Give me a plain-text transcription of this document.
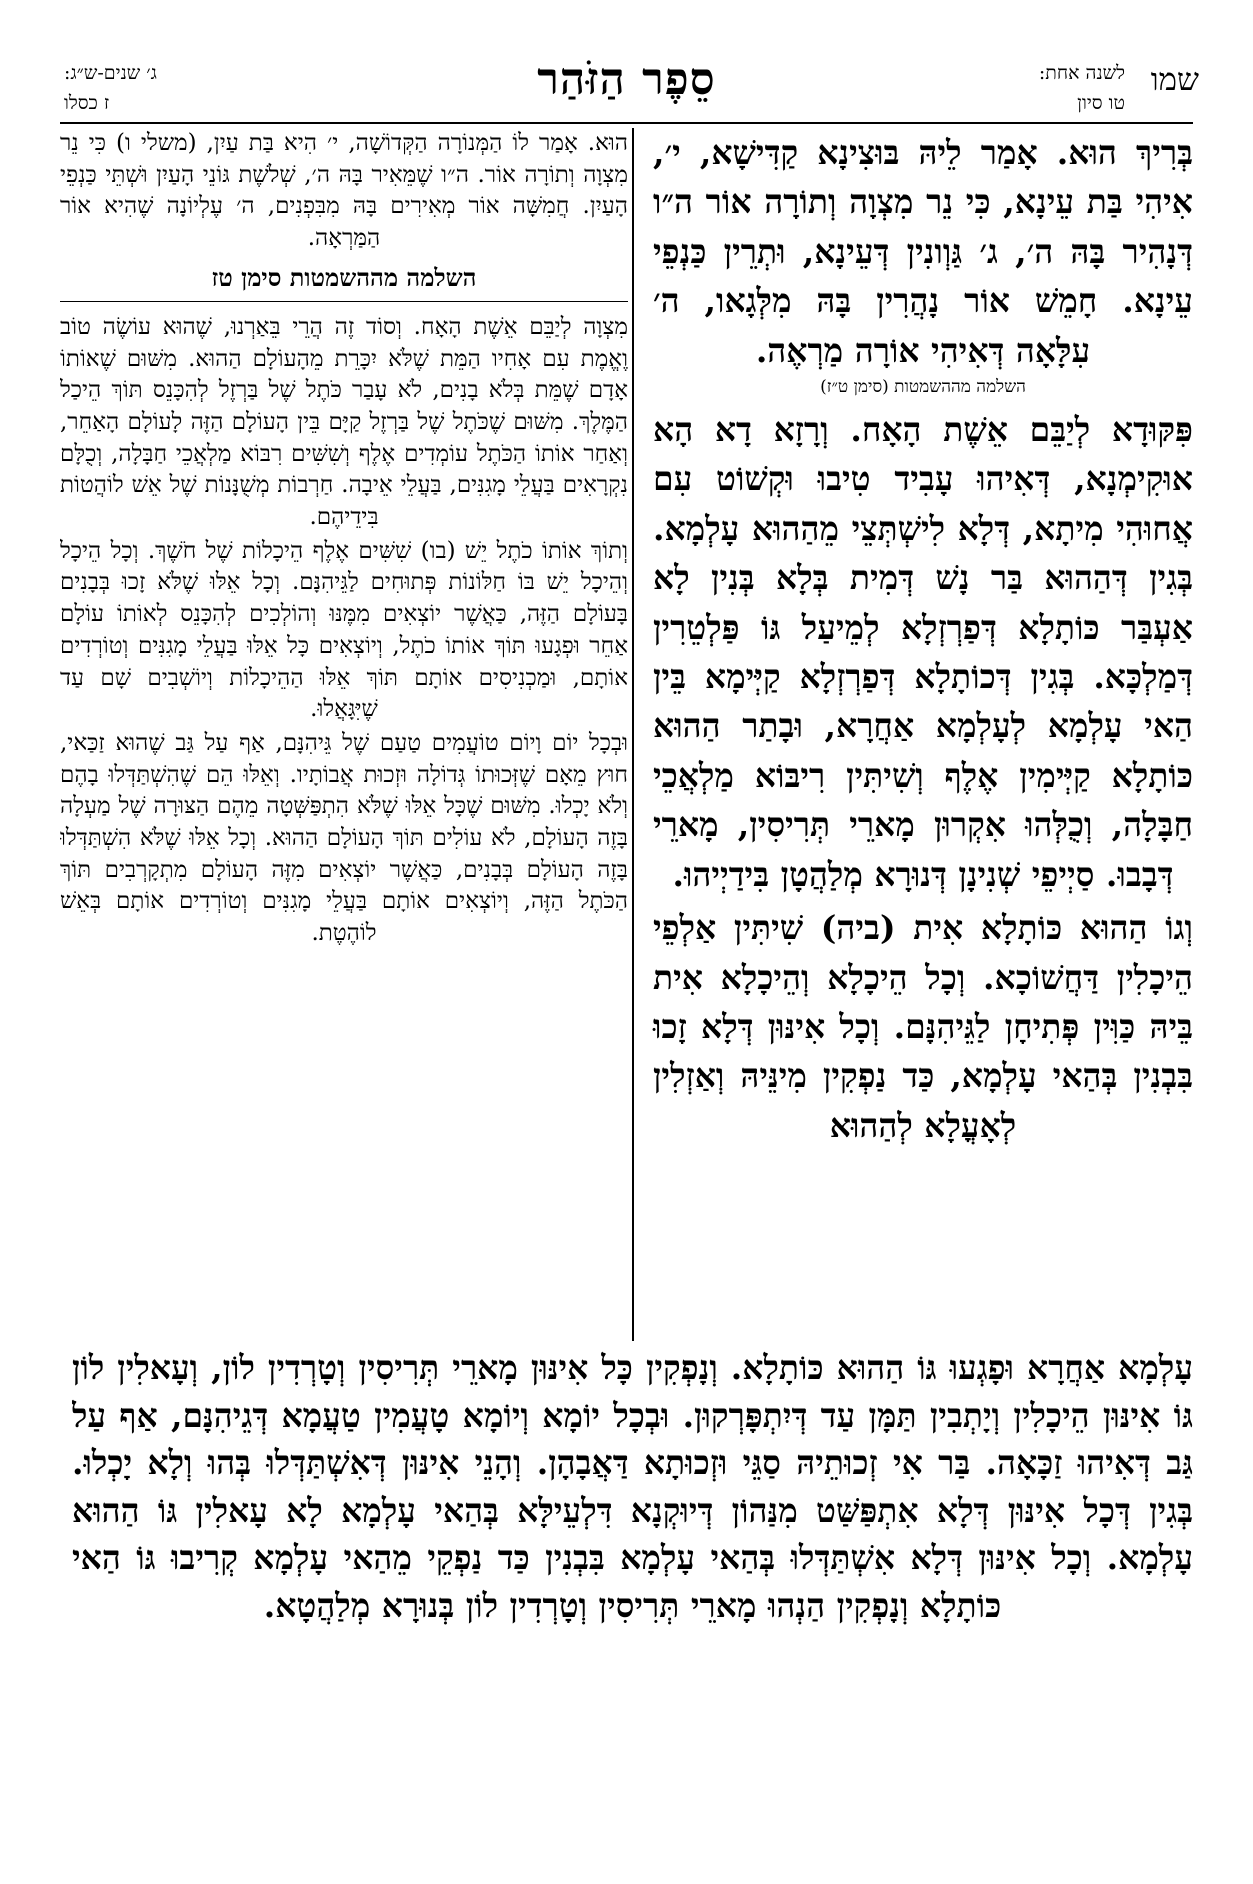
שמו
לשנה אחת:
טו סיון
סֵפֶר הַזֹּהַר
ג׳ שנים-ש״ג:
ז כסלו

בְּרִיךְ הוּא. אָמַר לֵיהּ בּוּצִינָא קַדִּישָׁא, י׳, אִיהִי בַּת עֵינָא, כִּי נֵר מִצְוָה וְתוֹרָה אוֹר ה״ו דְּנָהִיר בָּהּ ה׳, ג׳ גַּוְונִין דְּעֵינָא, וּתְרֵין כַּנְפֵי עֵינָא. חָמֵשׁ אוֹר נָהֲרִין בָּהּ מִלְּגָאו, ה׳ עִלָּאָה דְּאִיהִי אוֹרָה מַרְאֶה.

השלמה מההשמטות (סימן ט״ז)

פִּקּוּדָא לְיַבֵּם אֵשֶׁת הָאָח. וְרָזָא דָא הָא אוּקִימְנָא, דְּאִיהוּ עָבִיד טִיבוּ וּקְשׁוֹט עִם אֲחוּהִי מִיתָא, דְּלָא לִישְׁתְּצֵי מֵהַהוּא עָלְמָא. בְּגִין דְּהַהוּא בַּר נָשׁ דְּמִית בְּלָא בְּנִין לָא אַעְבַּר כּוֹתָלָא דְּפַרְזְלָא לְמֵיעַל גּוֹ פַּלְטֵרִין דְּמַלְכָּא. בְּגִין דְּכוֹתָלָא דְּפַרְזְלָא קַיְּימָא בֵּין הַאי עָלְמָא לְעָלְמָא אַחֲרָא, וּבָתַר הַהוּא כּוֹתָלָא קַיְּימִין אֶלֶף וְשִׁיתִּין רִיבּוֹא מַלְאֲכֵי חַבָּלָה, וְכֻלְּהוּ אִקְרוּן מָארֵי תְּרִיסִין, מָארֵי דְּבָבוּ. סַיְיפֵי שְׁנִינָן דְּנוּרָא מְלַהֲטָן בִּידַיְיהוּ.

וְגוֹ הַהוּא כּוֹתָלָא אִית (ביה) שִׁיתִּין אַלְפֵי הֵיכָלִין דַּחֲשׁוֹכָא. וְכָל הֵיכָלָא וְהֵיכָלָא אִית בֵּיהּ כַּוִּין פְּתִיחָן לַגֵּיהִנָּם. וְכָל אִינּוּן דְּלָא זָכוּ בִּבְנִין בְּהַאי עָלְמָא, כַּד נַפְקִין מִינֵּיהּ וְאַזְלִין לְאָעֳלָא לְהַהוּא

הוּא. אָמַר לוֹ הַמְּנוֹרָה הַקְּדוֹשָׁה, י׳ הִיא בַּת עַיִן, (משלי ו) כִּי נֵר מִצְוָה וְתוֹרָה אוֹר. ה״ו שֶׁמֵּאִיר בָּהּ ה׳, שְׁלֹשֶׁת גּוֹנֵי הָעַיִן וּשְׁתֵּי כַּנְפֵי הָעַיִן. חֲמִשָּׁה אוֹר מְאִירִים בָּהּ מִבִּפְנִים, ה׳ עֶלְיוֹנָה שֶׁהִיא אוֹר הַמַּרְאָה.

השלמה מההשמטות סימן טז

מִצְוָה לְיַבֵּם אֵשֶׁת הָאָח. וְסוֹד זֶה הֲרֵי בֵּאַרְנוּ, שֶׁהוּא עוֹשֶׂה טוֹב וֶאֱמֶת עִם אָחִיו הַמֵּת שֶׁלֹּא יִכָּרֵת מֵהָעוֹלָם הַהוּא. מִשּׁוּם שֶׁאוֹתוֹ אָדָם שֶׁמֵּת בְּלֹא בָנִים, לֹא עָבַר כֹּתֶל שֶׁל בַּרְזֶל לְהִכָּנֵס תּוֹךְ הֵיכַל הַמֶּלֶךְ. מִשּׁוּם שֶׁכֹּתֶל שֶׁל בַּרְזֶל קַיָּם בֵּין הָעוֹלָם הַזֶּה לָעוֹלָם הָאַחֵר, וְאַחַר אוֹתוֹ הַכֹּתֶל עוֹמְדִים אֶלֶף וְשִׁשִּׁים רִבּוֹא מַלְאֲכֵי חַבָּלָה, וְכֻלָּם נִקְרָאִים בַּעֲלֵי מָגִנִּים, בַּעֲלֵי אֵיבָה. חַרְבוֹת מְשֻׁנָּנוֹת שֶׁל אֵשׁ לוֹהֲטוֹת בִּידֵיהֶם.

וְתוֹךְ אוֹתוֹ כֹתֶל יֵשׁ (בו) שִׁשִּׁים אֶלֶף הֵיכָלוֹת שֶׁל חֹשֶׁךְ. וְכָל הֵיכָל וְהֵיכָל יֵשׁ בּוֹ חַלּוֹנוֹת פְּתוּחִים לַגֵּיהִנָּם. וְכָל אֵלּוּ שֶׁלֹּא זָכוּ בְּבָנִים בָּעוֹלָם הַזֶּה, כַּאֲשֶׁר יוֹצְאִים מִמֶּנּוּ וְהוֹלְכִים לְהִכָּנֵס לְאוֹתוֹ עוֹלָם אַחֵר וּפְגָעוּ תּוֹךְ אוֹתוֹ כֹתֶל, וְיוֹצְאִים כָּל אֵלּוּ בַּעֲלֵי מָגִנִּים וְטוֹרְדִים אוֹתָם, וּמַכְנִיסִים אוֹתָם תּוֹךְ אֵלּוּ הַהֵיכָלוֹת וְיוֹשְׁבִים שָׁם עַד שֶׁיִּגָּאֲלוּ.

וּבְכָל יוֹם וָיוֹם טוֹעֲמִים טַעַם שֶׁל גֵּיהִנָּם, אַף עַל גַּב שֶׁהוּא זַכַּאי, חוּץ מֵאָם שֶׁזְּכוּתוֹ גְּדוֹלָה וּזְכוּת אֲבוֹתָיו. וְאֵלּוּ הֵם שֶׁהִשְׁתַּדְּלוּ בָהֶם וְלֹא יָכְלוּ. מִשּׁוּם שֶׁכָּל אֵלּוּ שֶׁלֹּא הִתְפַּשְּׁטָה מֵהֶם הַצּוּרָה שֶׁל מַעְלָה בָּזֶה הָעוֹלָם, לֹא עוֹלִים תּוֹךְ הָעוֹלָם הַהוּא. וְכָל אֵלּוּ שֶׁלֹּא הִשְׁתַּדְּלוּ בָּזֶה הָעוֹלָם בְּבָנִים, כַּאֲשֶׁר יוֹצְאִים מִזֶּה הָעוֹלָם מִתְקָרְבִים תּוֹךְ הַכֹּתֶל הַזֶּה, וְיוֹצְאִים אוֹתָם בַּעֲלֵי מָגִנִּים וְטוֹרְדִים אוֹתָם בְּאֵשׁ לוֹהֶטֶת.

עָלְמָא אַחֲרָא וּפָגְעוּ גּוֹ הַהוּא כּוֹתָלָא. וְנָפְקִין כָּל אִינּוּן מָארֵי תְּרִיסִין וְטָרְדִין לוֹן, וְעָאלִין לוֹן גּוֹ אִינּוּן הֵיכָלִין וְיָתְבִין תַּמָּן עַד דְּיִתְפָּרְקוּן. וּבְכָל יוֹמָא וְיוֹמָא טָעֲמִין טַעֲמָא דְּגֵיהִנָּם, אַף עַל גַּב דְּאִיהוּ זַכָּאָה. בַּר אִי זְכוּתֵיהּ סַגֵּי וּזְכוּתָא דַּאֲבָהָן. וְהָנֵי אִינּוּן דְּאִשְׁתַּדְּלוּ בְּהוּ וְלָא יָכְלוּ. בְּגִין דְּכָל אִינּוּן דְּלָא אִתְפַּשַּׁט מִנַּהוֹן דְּיוּקְנָא דִּלְעֵילָּא בְּהַאי עָלְמָא לָא עָאלִין גּוֹ הַהוּא עָלְמָא. וְכָל אִינּוּן דְּלָא אִשְׁתַּדְּלוּ בְּהַאי עָלְמָא בִּבְנִין כַּד נַפְקֵי מֵהַאי עָלְמָא קְרִיבוּ גּוֹ הַאי כּוֹתָלָא וְנָפְקִין הַנְהוּ מָארֵי תְּרִיסִין וְטָרְדִין לוֹן בְּנוּרָא מְלַהֲטָא.
